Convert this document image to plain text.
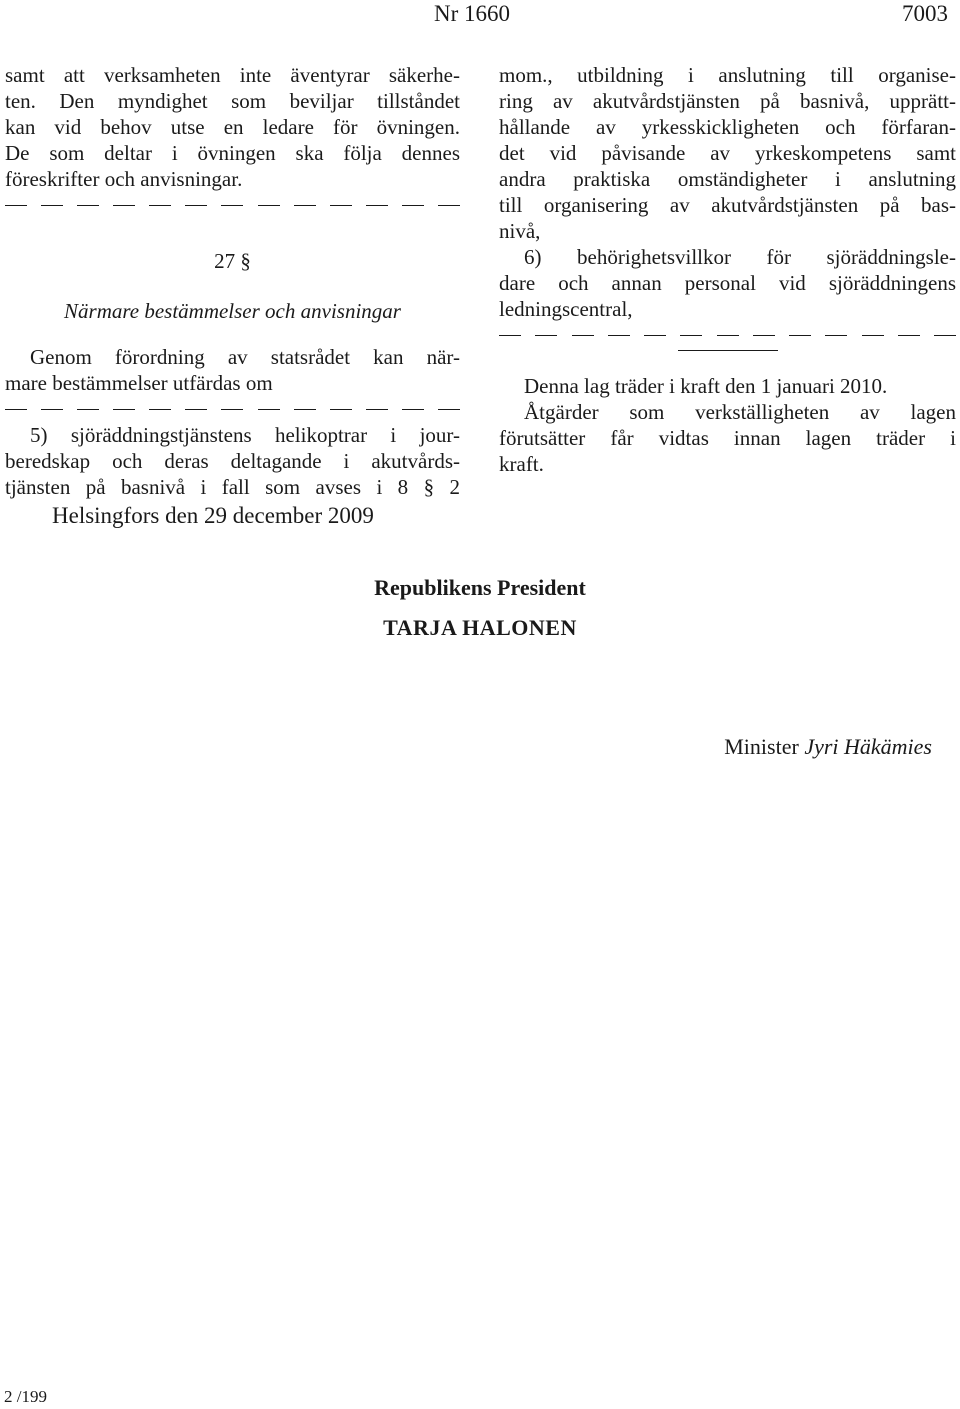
Nr 1660	7003

samt att verksamheten inte äventyrar säkerhe-

ten. Den myndighet som beviljar tillståndet

kan vid behov utse en ledare för övningen.

De som deltar i övningen ska följa dennes

föreskrifter och anvisningar.

27 §
Närmare bestämmelser och anvisningar

Genom förordning av statsrådet kan när-

mare bestämmelser utfärdas om

5) sjöräddningstjänstens helikoptrar i jour-

beredskap och deras deltagande i akutvårds-

tjänsten på basnivå i fall som avses i 8 § 2

mom., utbildning i anslutning till organise-

ring av akutvårdstjänsten på basnivå, upprätt-

hållande av yrkesskickligheten och förfaran-

det vid påvisande av yrkeskompetens samt

andra praktiska omständigheter i anslutning

till organisering av akutvårdstjänsten på bas-

nivå,

6) behörighetsvillkor för sjöräddningsle-

dare och annan personal vid sjöräddningens

ledningscentral,

Denna lag träder i kraft den 1 januari 2010.

Åtgärder som verkställigheten av lagen

förutsätter får vidtas innan lagen träder i

kraft.

Helsingfors den 29 december 2009
Republikens President
TARJA HALONEN
Minister Jyri Häkämies
2 /199
